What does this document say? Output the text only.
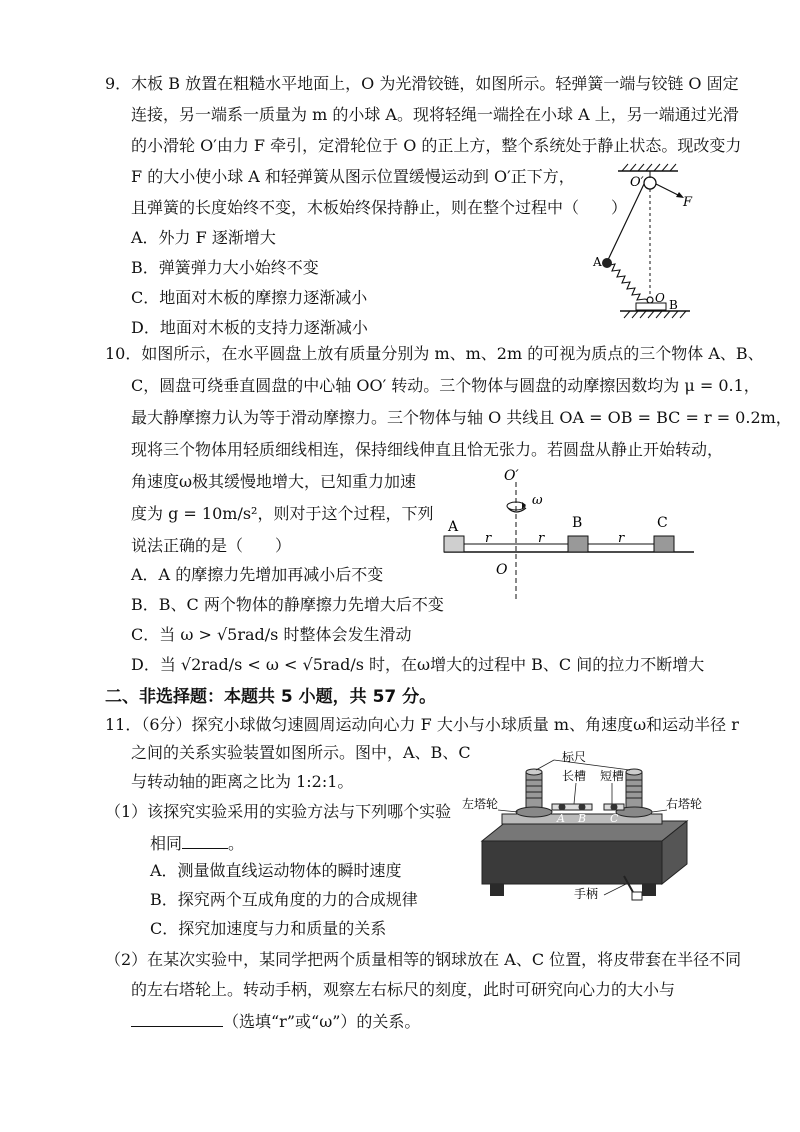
9．木板 B 放置在粗糙水平地面上，O 为光滑铰链，如图所示。轻弹簧一端与铰链 O 固定
连接，另一端系一质量为 m 的小球 A。现将轻绳一端拴在小球 A 上，另一端通过光滑
的小滑轮 O′由力 F 牵引，定滑轮位于 O 的正上方，整个系统处于静止状态。现改变力
F 的大小使小球 A 和轻弹簧从图示位置缓慢运动到 O′正下方，
且弹簧的长度始终不变，木板始终保持静止，则在整个过程中（　　）
A．外力 F 逐渐增大
B．弹簧弹力大小始终不变
C．地面对木板的摩擦力逐渐减小
D．地面对木板的支持力逐渐减小
O′
F
A
O B
10．如图所示，在水平圆盘上放有质量分别为 m、m、2m 的可视为质点的三个物体 A、B、
C，圆盘可绕垂直圆盘的中心轴 OO′ 转动。三个物体与圆盘的动摩擦因数均为 μ = 0.1，
最大静摩擦力认为等于滑动摩擦力。三个物体与轴 O 共线且 OA = OB = BC = r = 0.2m，
现将三个物体用轻质细线相连，保持细线伸直且恰无张力。若圆盘从静止开始转动，
角速度ω极其缓慢地增大，已知重力加速
度为 g = 10m/s²，则对于这个过程，下列
说法正确的是（　　）
A．A 的摩擦力先增加再减小后不变
B．B、C 两个物体的静摩擦力先增大后不变
C．当 ω > √5rad/s 时整体会发生滑动
D．当 √2rad/s < ω < √5rad/s 时，在ω增大的过程中 B、C 间的拉力不断增大
O′
ω
A	B	C
r	r	r
O
二、非选择题：本题共 5 小题，共 57 分。
11．（6分）探究小球做匀速圆周运动向心力 F 大小与小球质量 m、角速度ω和运动半径 r
之间的关系实验装置如图所示。图中，A、B、C
与转动轴的距离之比为 1:2:1。
（1）该探究实验采用的实验方法与下列哪个实验
相同	。
A．测量做直线运动物体的瞬时速度
B．探究两个互成角度的力的合成规律
C．探究加速度与力和质量的关系
（2）在某次实验中，某同学把两个质量相等的钢球放在 A、C 位置，将皮带套在半径不同
的左右塔轮上。转动手柄，观察左右标尺的刻度，此时可研究向心力的大小与
（选填“r”或“ω”）的关系。
标尺
长槽 短槽
左塔轮	右塔轮
手柄
A B C
